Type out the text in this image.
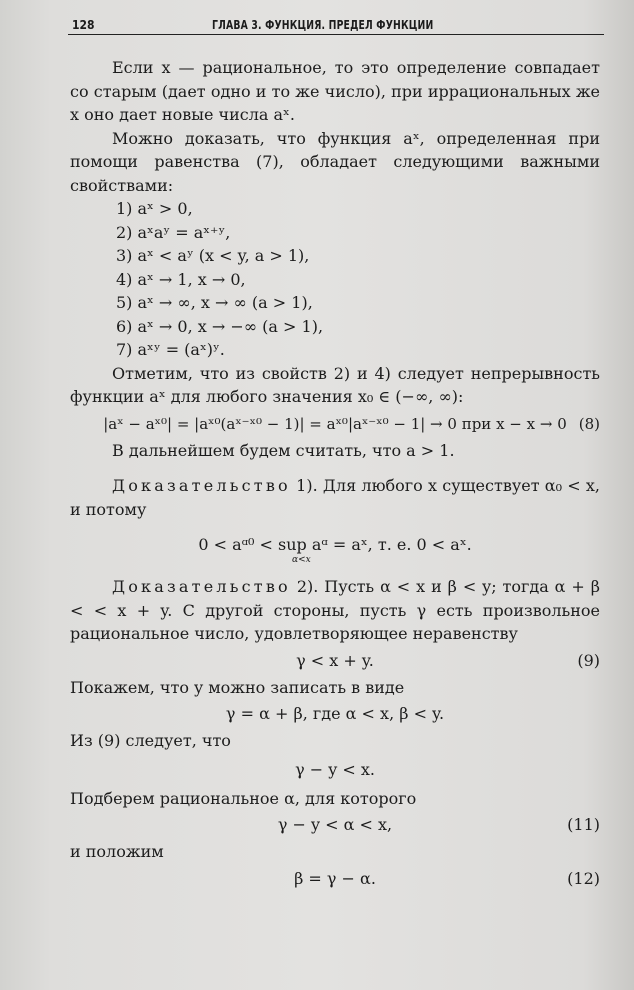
128	ГЛАВА 3. ФУНКЦИЯ. ПРЕДЕЛ ФУНКЦИИ

Если x — рациональное, то это определение совпадает со старым (дает одно и то же число), при иррациональных же x оно дает новые числа aˣ.

Можно доказать, что функция aˣ, определенная при помощи равенства (7), обладает следующими важными свойствами:

1) aˣ > 0,
2) aˣaʸ = aˣ⁺ʸ,
3) aˣ < aʸ (x < y, a > 1),
4) aˣ → 1, x → 0,
5) aˣ → ∞, x → ∞ (a > 1),
6) aˣ → 0, x → −∞ (a > 1),
7) aˣʸ = (aˣ)ʸ.

Отметим, что из свойств 2) и 4) следует непрерывность функции aˣ для любого значения x₀ ∈ (−∞, ∞):

|aˣ − aˣ⁰| = |aˣ⁰(aˣ⁻ˣ⁰ − 1)| = aˣ⁰|aˣ⁻ˣ⁰ − 1| → 0 при x − x → 0 (8)

В дальнейшем будем считать, что a > 1.

Доказательство 1). Для любого x существует α₀ < x, и потому

0 < aᵅ⁰ < sup aᵅ = aˣ, т. е. 0 < aˣ.
α<x

Доказательство 2). Пусть α < x и β < y; тогда α + β < < x + y. С другой стороны, пусть γ есть произвольное рациональное число, удовлетворяющее неравенству

γ < x + y.	(9)

Покажем, что y можно записать в виде

γ = α + β, где α < x, β < y.

Из (9) следует, что

γ − y < x.

Подберем рациональное α, для которого

γ − y < α < x,	(11)

и положим

β = γ − α.	(12)
